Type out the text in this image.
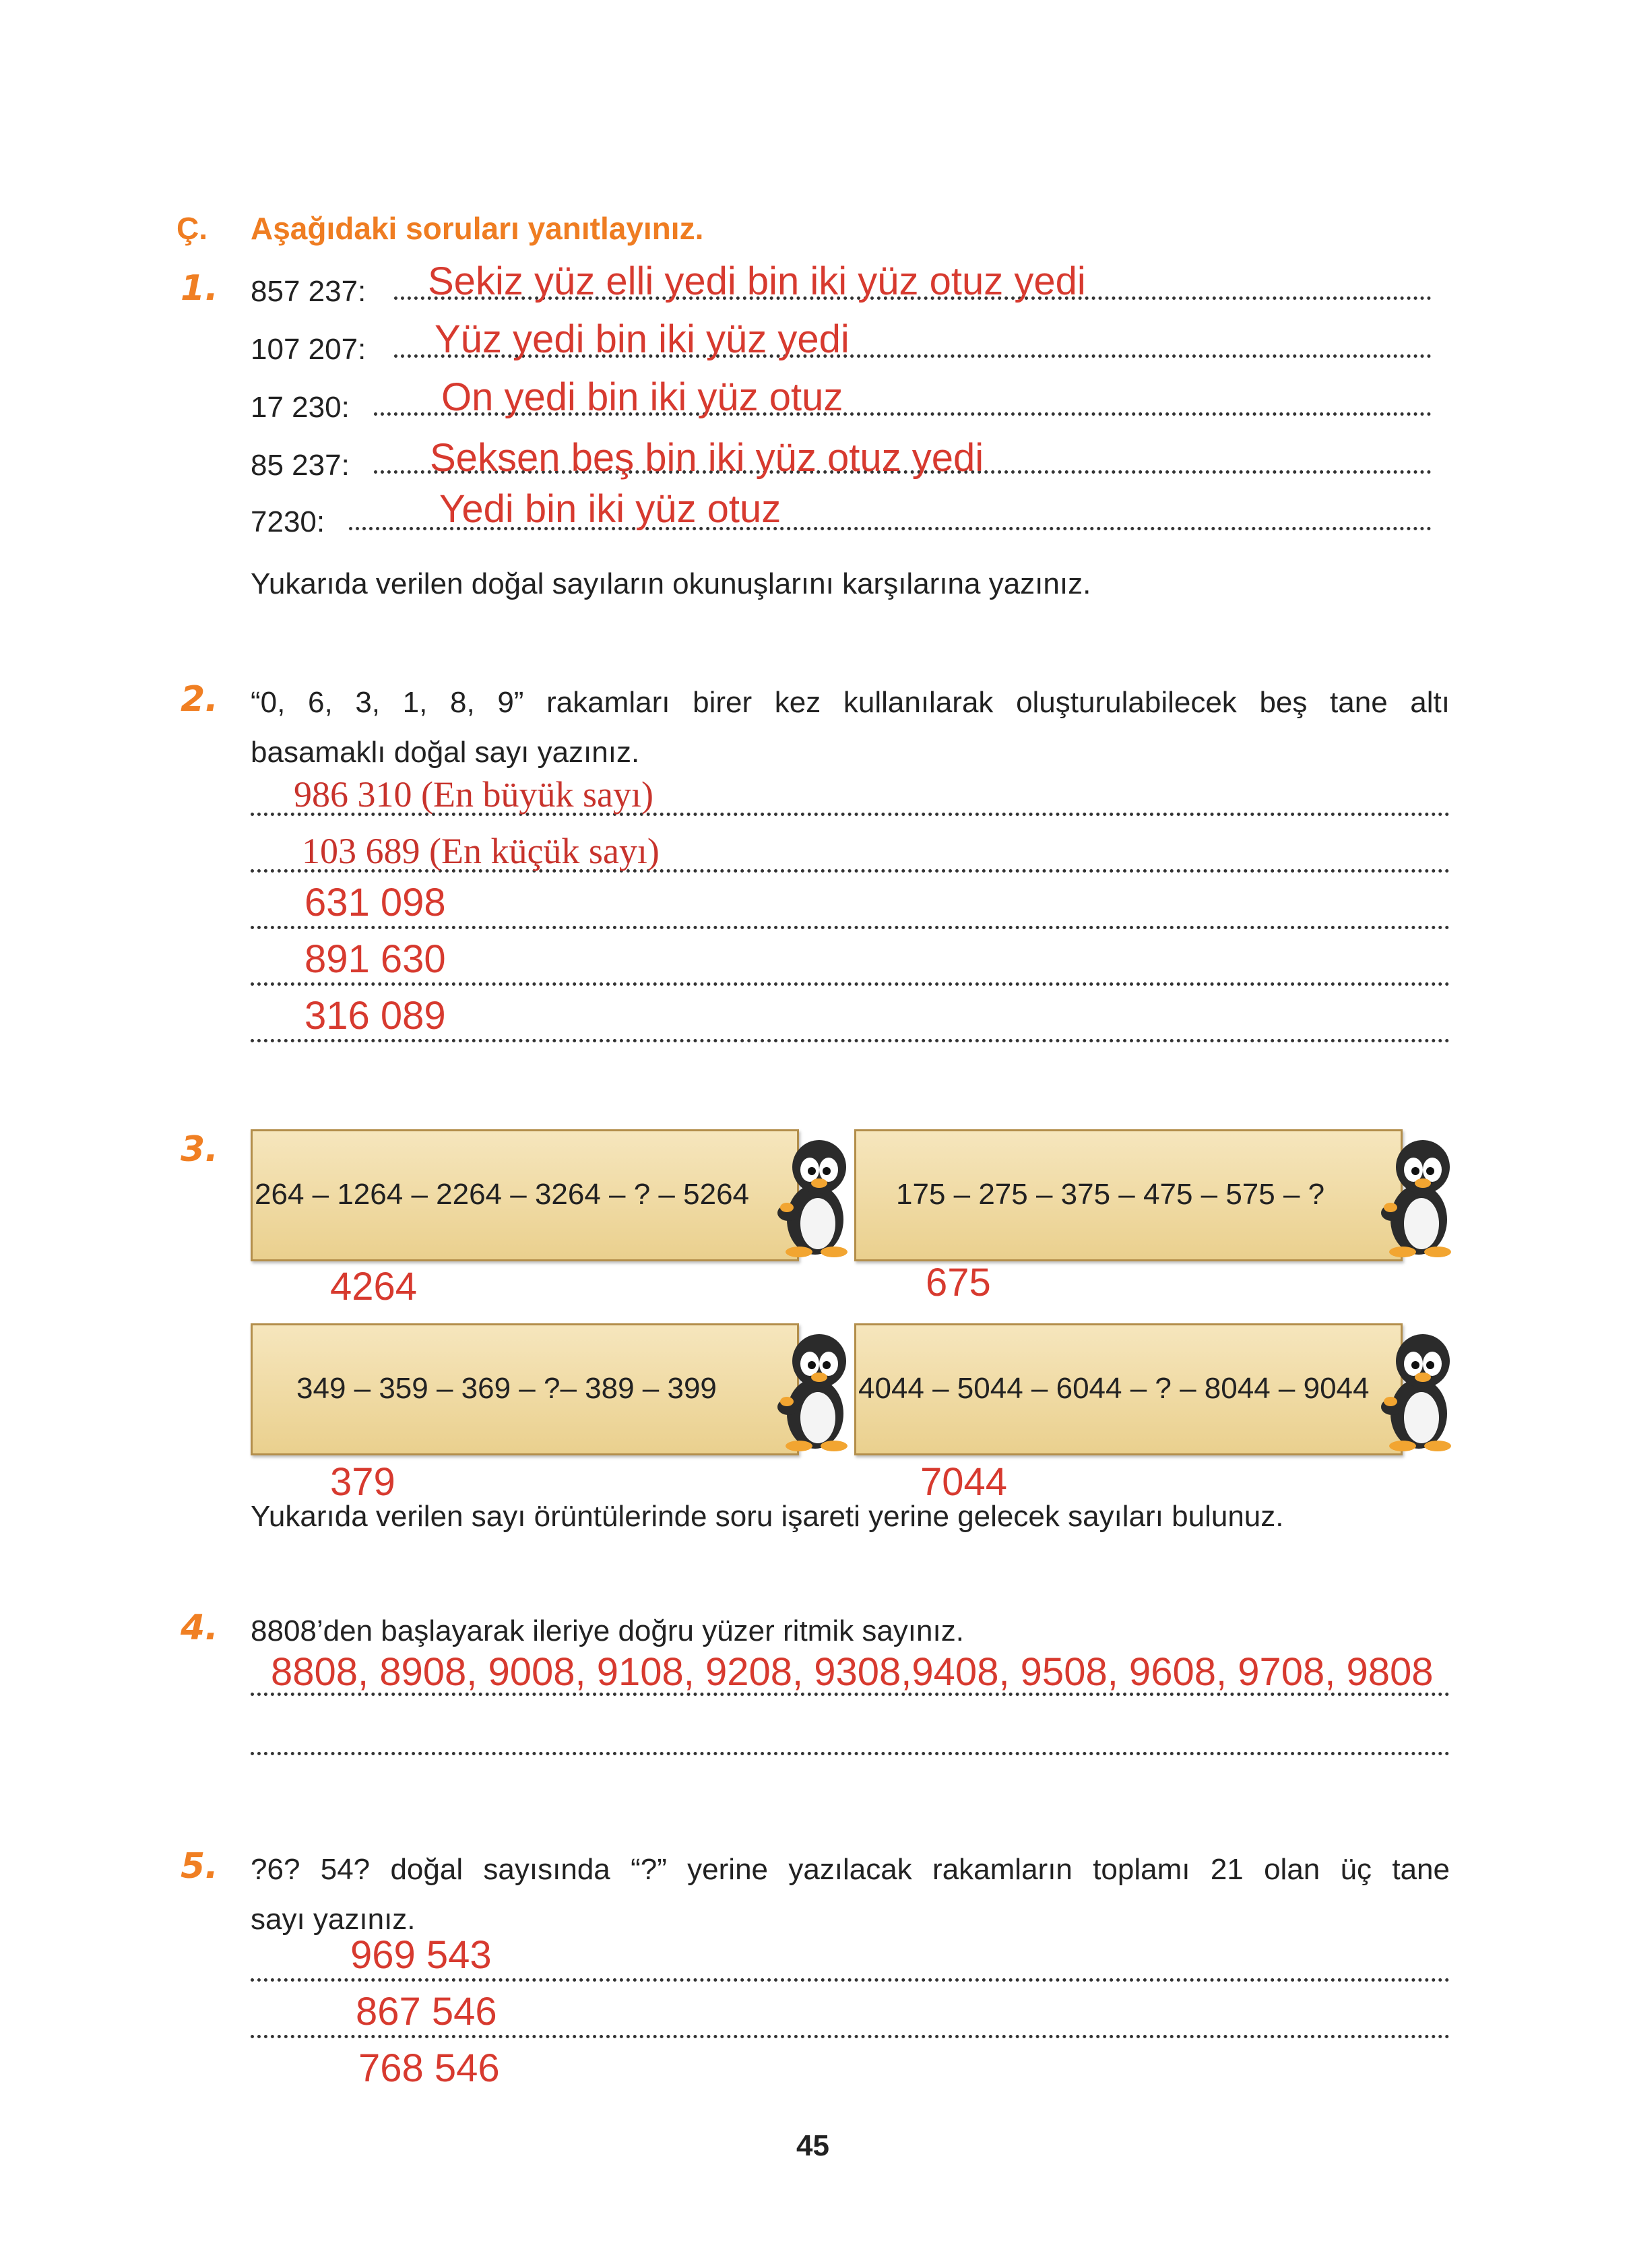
Ç. Aşağıdaki soruları yanıtlayınız.
1. 857 237: Sekiz yüz elli yedi bin iki yüz otuz yedi
107 207: Yüz yedi bin iki yüz yedi
17 230: On yedi bin iki yüz otuz
85 237: Seksen beş bin iki yüz otuz yedi
7230:	Yedi bin iki yüz otuz
Yukarıda verilen doğal sayıların okunuşlarını karşılarına yazınız.
2. “0, 6, 3, 1, 8, 9” rakamları birer kez kullanılarak oluşturulabilecek beş tane altı
basamaklı doğal sayı yazınız.
986 310 (En büyük sayı)
103 689 (En küçük sayı)
631 098
891 630
316 089
3.
264 – 1264 – 2264 – 3264 – ? – 5264	175 – 275 – 375 – 475 – 575 – ?
349 – 359 – 369 – ?– 389 – 399	4044 – 5044 – 6044 – ? – 8044 – 9044
4264	675
379	7044
Yukarıda verilen sayı örüntülerinde soru işareti yerine gelecek sayıları bulunuz.
4. 8808’den başlayarak ileriye doğru yüzer ritmik sayınız.
8808, 8908, 9008, 9108, 9208, 9308,9408, 9508, 9608, 9708, 9808
5. ?6? 54? doğal sayısında “?” yerine yazılacak rakamların toplamı 21 olan üç tane
sayı yazınız.
969 543
867 546
768 546
45
